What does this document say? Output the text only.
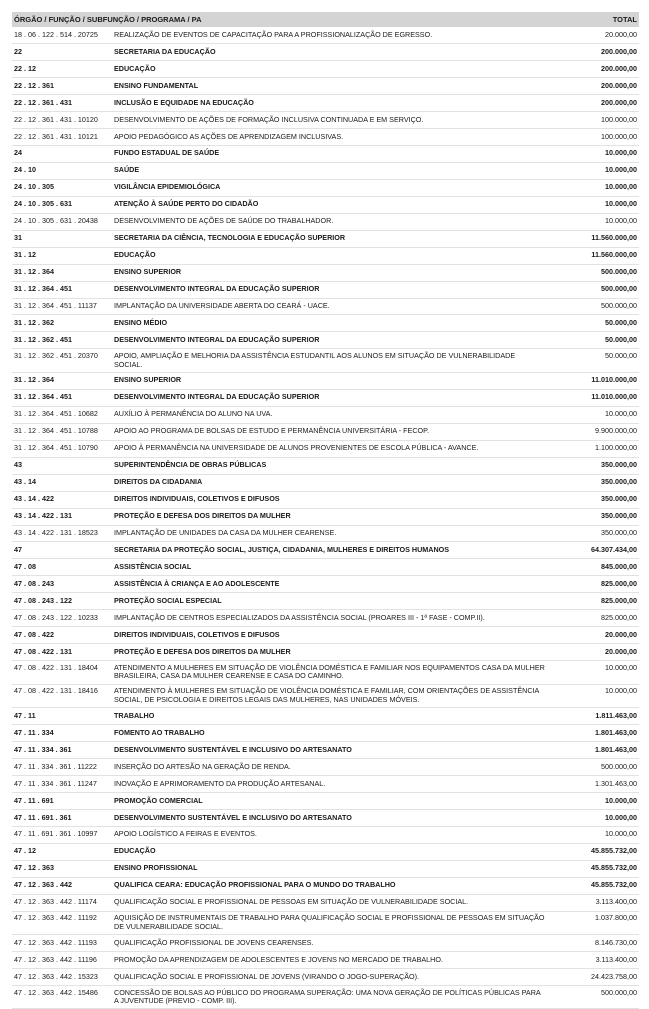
ÓRGÃO / FUNÇÃO / SUBFUNÇÃO / PROGRAMA / PA	TOTAL
18 . 06 . 122 . 514 . 20725	REALIZAÇÃO DE EVENTOS DE CAPACITAÇÃO PARA A PROFISSIONALIZAÇÃO DE EGRESSO.	20.000,00
22	SECRETARIA DA EDUCAÇÃO	200.000,00
22 . 12	EDUCAÇÃO	200.000,00
22 . 12 . 361	ENSINO FUNDAMENTAL	200.000,00
22 . 12 . 361 . 431	INCLUSÃO E EQUIDADE NA EDUCAÇÃO	200.000,00
22 . 12 . 361 . 431 . 10120	DESENVOLVIMENTO DE AÇÕES DE FORMAÇÃO INCLUSIVA CONTINUADA E EM SERVIÇO.	100.000,00
22 . 12 . 361 . 431 . 10121	APOIO PEDAGÓGICO AS AÇÕES DE APRENDIZAGEM INCLUSIVAS.	100.000,00
24	FUNDO ESTADUAL DE SAÚDE	10.000,00
24 . 10	SAÚDE	10.000,00
24 . 10 . 305	VIGILÂNCIA EPIDEMIOLÓGICA	10.000,00
24 . 10 . 305 . 631	ATENÇÃO À SAÚDE PERTO DO CIDADÃO	10.000,00
24 . 10 . 305 . 631 . 20438	DESENVOLVIMENTO DE AÇÕES DE SAÚDE DO TRABALHADOR.	10.000,00
31	SECRETARIA DA CIÊNCIA, TECNOLOGIA E EDUCAÇÃO SUPERIOR	11.560.000,00
31 . 12	EDUCAÇÃO	11.560.000,00
31 . 12 . 364	ENSINO SUPERIOR	500.000,00
31 . 12 . 364 . 451	DESENVOLVIMENTO INTEGRAL DA EDUCAÇÃO SUPERIOR	500.000,00
31 . 12 . 364 . 451 . 11137	IMPLANTAÇÃO DA UNIVERSIDADE ABERTA DO CEARÁ - UACE.	500.000,00
31 . 12 . 362	ENSINO MÉDIO	50.000,00
31 . 12 . 362 . 451	DESENVOLVIMENTO INTEGRAL DA EDUCAÇÃO SUPERIOR	50.000,00
31 . 12 . 362 . 451 . 20370	APOIO, AMPLIAÇÃO E MELHORIA DA ASSISTÊNCIA ESTUDANTIL AOS ALUNOS EM SITUAÇÃO DE VULNERABILIDADE SOCIAL.
50.000,00
31 . 12 . 364	ENSINO SUPERIOR	11.010.000,00
31 . 12 . 364 . 451	DESENVOLVIMENTO INTEGRAL DA EDUCAÇÃO SUPERIOR	11.010.000,00
31 . 12 . 364 . 451 . 10682	AUXÍLIO À PERMANÊNCIA DO ALUNO NA UVA.	10.000,00
31 . 12 . 364 . 451 . 10788	APOIO AO PROGRAMA DE BOLSAS DE ESTUDO E PERMANÊNCIA UNIVERSITÁRIA - FECOP.	9.900.000,00
31 . 12 . 364 . 451 . 10790	APOIO À PERMANÊNCIA NA UNIVERSIDADE DE ALUNOS PROVENIENTES DE ESCOLA PÚBLICA - AVANCE.	1.100.000,00
43	SUPERINTENDÊNCIA DE OBRAS PÚBLICAS	350.000,00
43 . 14	DIREITOS DA CIDADANIA	350.000,00
43 . 14 . 422	DIREITOS INDIVIDUAIS, COLETIVOS E DIFUSOS	350.000,00
43 . 14 . 422 . 131	PROTEÇÃO E DEFESA DOS DIREITOS DA MULHER	350.000,00
43 . 14 . 422 . 131 . 18523	IMPLANTAÇÃO DE UNIDADES DA CASA DA MULHER CEARENSE.	350.000,00
47	SECRETARIA DA PROTEÇÃO SOCIAL, JUSTIÇA, CIDADANIA, MULHERES E DIREITOS HUMANOS	64.307.434,00
47 . 08	ASSISTÊNCIA SOCIAL	845.000,00
47 . 08 . 243	ASSISTÊNCIA À CRIANÇA E AO ADOLESCENTE	825.000,00
47 . 08 . 243 . 122	PROTEÇÃO SOCIAL ESPECIAL	825.000,00
47 . 08 . 243 . 122 . 10233	IMPLANTAÇÃO DE CENTROS ESPECIALIZADOS DA ASSISTÊNCIA SOCIAL (PROARES III - 1ª FASE - COMP.II).	825.000,00
47 . 08 . 422	DIREITOS INDIVIDUAIS, COLETIVOS E DIFUSOS	20.000,00
47 . 08 . 422 . 131	PROTEÇÃO E DEFESA DOS DIREITOS DA MULHER	20.000,00
47 . 08 . 422 . 131 . 18404	ATENDIMENTO A MULHERES EM SITUAÇÃO DE VIOLÊNCIA DOMÉSTICA E FAMILIAR NOS EQUIPAMENTOS CASA DA MULHER BRASILEIRA, CASA DA MULHER CEARENSE E CASA DO CAMINHO.
10.000,00
47 . 08 . 422 . 131 . 18416	ATENDIMENTO À MULHERES EM SITUAÇÃO DE VIOLÊNCIA DOMÉSTICA E FAMILIAR, COM ORIENTAÇÕES DE ASSISTÊNCIA SOCIAL, DE PSICOLOGIA E DIREITOS LEGAIS DAS MULHERES, NAS UNIDADES MÓVEIS.
10.000,00
47 . 11	TRABALHO	1.811.463,00
47 . 11 . 334	FOMENTO AO TRABALHO	1.801.463,00
47 . 11 . 334 . 361	DESENVOLVIMENTO SUSTENTÁVEL E INCLUSIVO DO ARTESANATO	1.801.463,00
47 . 11 . 334 . 361 . 11222	INSERÇÃO DO ARTESÃO NA GERAÇÃO DE RENDA.	500.000,00
47 . 11 . 334 . 361 . 11247	INOVAÇÃO E APRIMORAMENTO DA PRODUÇÃO ARTESANAL.	1.301.463,00
47 . 11 . 691	PROMOÇÃO COMERCIAL	10.000,00
47 . 11 . 691 . 361	DESENVOLVIMENTO SUSTENTÁVEL E INCLUSIVO DO ARTESANATO	10.000,00
47 . 11 . 691 . 361 . 10997	APOIO LOGÍSTICO A FEIRAS E EVENTOS.	10.000,00
47 . 12	EDUCAÇÃO	45.855.732,00
47 . 12 . 363	ENSINO PROFISSIONAL	45.855.732,00
47 . 12 . 363 . 442	QUALIFICA CEARA: EDUCAÇÃO PROFISSIONAL PARA O MUNDO DO TRABALHO	45.855.732,00
47 . 12 . 363 . 442 . 11174	QUALIFICAÇÃO SOCIAL E PROFISSIONAL DE PESSOAS EM SITUAÇÃO DE VULNERABILIDADE SOCIAL.	3.113.400,00
47 . 12 . 363 . 442 . 11192	AQUISIÇÃO DE INSTRUMENTAIS DE TRABALHO PARA QUALIFICAÇÃO SOCIAL E PROFISSIONAL DE PESSOAS EM SITUAÇÃO DE VULNERABILIDADE SOCIAL.
1.037.800,00
47 . 12 . 363 . 442 . 11193	QUALIFICAÇÃO PROFISSIONAL DE JOVENS CEARENSES.	8.146.730,00
47 . 12 . 363 . 442 . 11196	PROMOÇÃO DA APRENDIZAGEM DE ADOLESCENTES E JOVENS NO MERCADO DE TRABALHO.	3.113.400,00
47 . 12 . 363 . 442 . 15323	QUALIFICAÇÃO SOCIAL E PROFISSIONAL DE JOVENS (VIRANDO O JOGO-SUPERAÇÃO).	24.423.758,00
47 . 12 . 363 . 442 . 15486	CONCESSÃO DE BOLSAS AO PÚBLICO DO PROGRAMA SUPERAÇÃO: UMA NOVA GERAÇÃO DE POLÍTICAS PÚBLICAS PARA A JUVENTUDE (PREVIO - COMP. III).
500.000,00
